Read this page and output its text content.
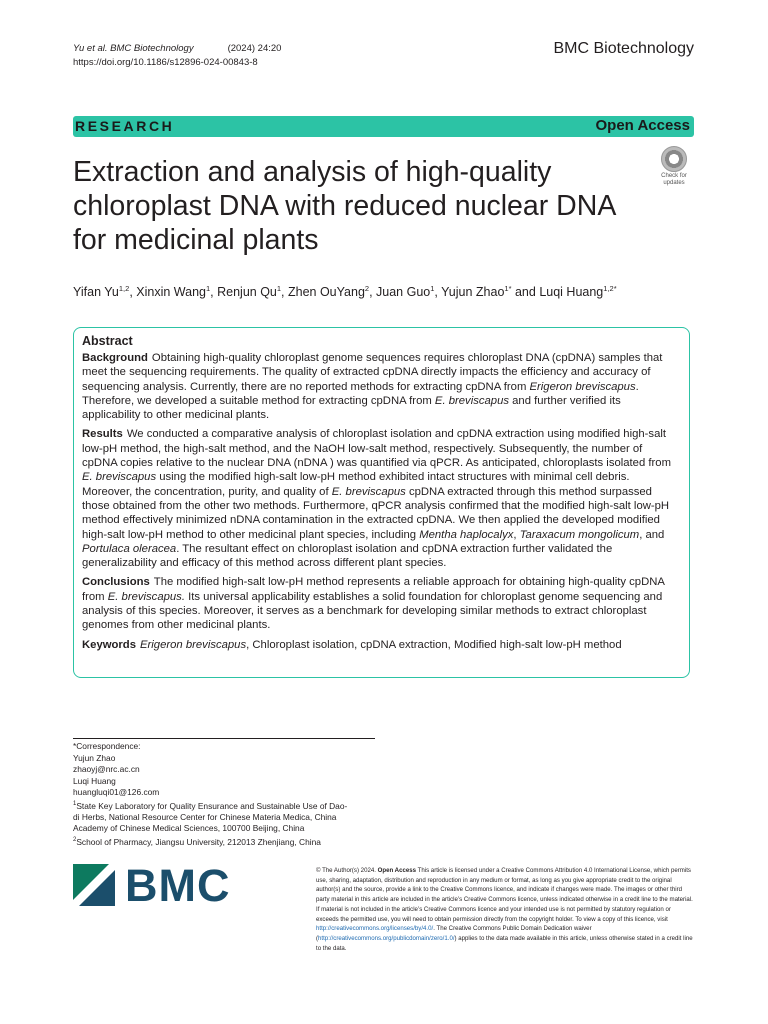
Yu et al. BMC Biotechnology	(2024) 24:20
https://doi.org/10.1186/s12896-024-00843-8
BMC Biotechnology
RESEARCH	Open Access
Check for
updates
Extraction and analysis of high-quality chloroplast DNA with reduced nuclear DNA for medicinal plants
Yifan Yu$^{1,2}$, Xinxin Wang$^1$, Renjun Qu$^1$, Zhen OuYang$^2$, Juan Guo$^1$, Yujun Zhao$^{1*}$ and Luqi Huang$^{1,2*}$
Abstract

Background Obtaining high-quality chloroplast genome sequences requires chloroplast DNA (cpDNA) samples that meet the sequencing requirements. The quality of extracted cpDNA directly impacts the efficiency and accuracy of sequencing analysis. Currently, there are no reported methods for extracting cpDNA from Erigeron breviscapus. Therefore, we developed a suitable method for extracting cpDNA from E. breviscapus and further verified its applicability to other medicinal plants.

Results We conducted a comparative analysis of chloroplast isolation and cpDNA extraction using modified high-salt low-pH method, the high-salt method, and the NaOH low-salt method, respectively. Subsequently, the number of cpDNA copies relative to the nuclear DNA (nDNA ) was quantified via qPCR. As anticipated, chloroplasts isolated from E. breviscapus using the modified high-salt low-pH method exhibited intact structures with minimal cell debris. Moreover, the concentration, purity, and quality of E. breviscapus cpDNA extracted through this method surpassed those obtained from the other two methods. Furthermore, qPCR analysis confirmed that the modified high-salt low-pH method effectively minimized nDNA contamination in the extracted cpDNA. We then applied the developed modified high-salt low-pH method to other medicinal plant species, including Mentha haplocalyx, Taraxacum mongolicum, and Portulaca oleracea. The resultant effect on chloroplast isolation and cpDNA extraction further validated the generalizability and efficacy of this method across different plant species.

Conclusions The modified high-salt low-pH method represents a reliable approach for obtaining high-quality cpDNA from E. breviscapus. Its universal applicability establishes a solid foundation for chloroplast genome sequencing and analysis of this species. Moreover, it serves as a benchmark for developing similar methods to extract chloroplast genomes from other medicinal plants.

Keywords Erigeron breviscapus, Chloroplast isolation, cpDNA extraction, Modified high-salt low-pH method

*Correspondence:
Yujun Zhao
zhaoyj@nrc.ac.cn
Luqi Huang
huangluqi01@126.com
$^1$State Key Laboratory for Quality Ensurance and Sustainable Use of Dao-
di Herbs, National Resource Center for Chinese Materia Medica, China
Academy of Chinese Medical Sciences, 100700 Beijing, China
$^2$School of Pharmacy, Jiangsu University, 212013 Zhenjiang, China
BMC	© The Author(s) 2024. Open Access This article is licensed under a Creative Commons Attribution 4.0 International License, which permits use, sharing, adaptation, distribution and reproduction in any medium or format, as long as you give appropriate credit to the original author(s) and the source, provide a link to the Creative Commons licence, and indicate if changes were made. The images or other third party material in this article are included in the article’s Creative Commons licence, unless indicated otherwise in a credit line to the material. If material is not included in the article’s Creative Commons licence and your intended use is not permitted by statutory regulation or exceeds the permitted use, you will need to obtain permission directly from the copyright holder. To view a copy of this licence, visit http://creativecommons.org/licenses/by/4.0/. The Creative Commons Public Domain Dedication waiver (http://creativecommons.org/publicdomain/zero/1.0/) applies to the data made available in this article, unless otherwise stated in a credit line to the data.
